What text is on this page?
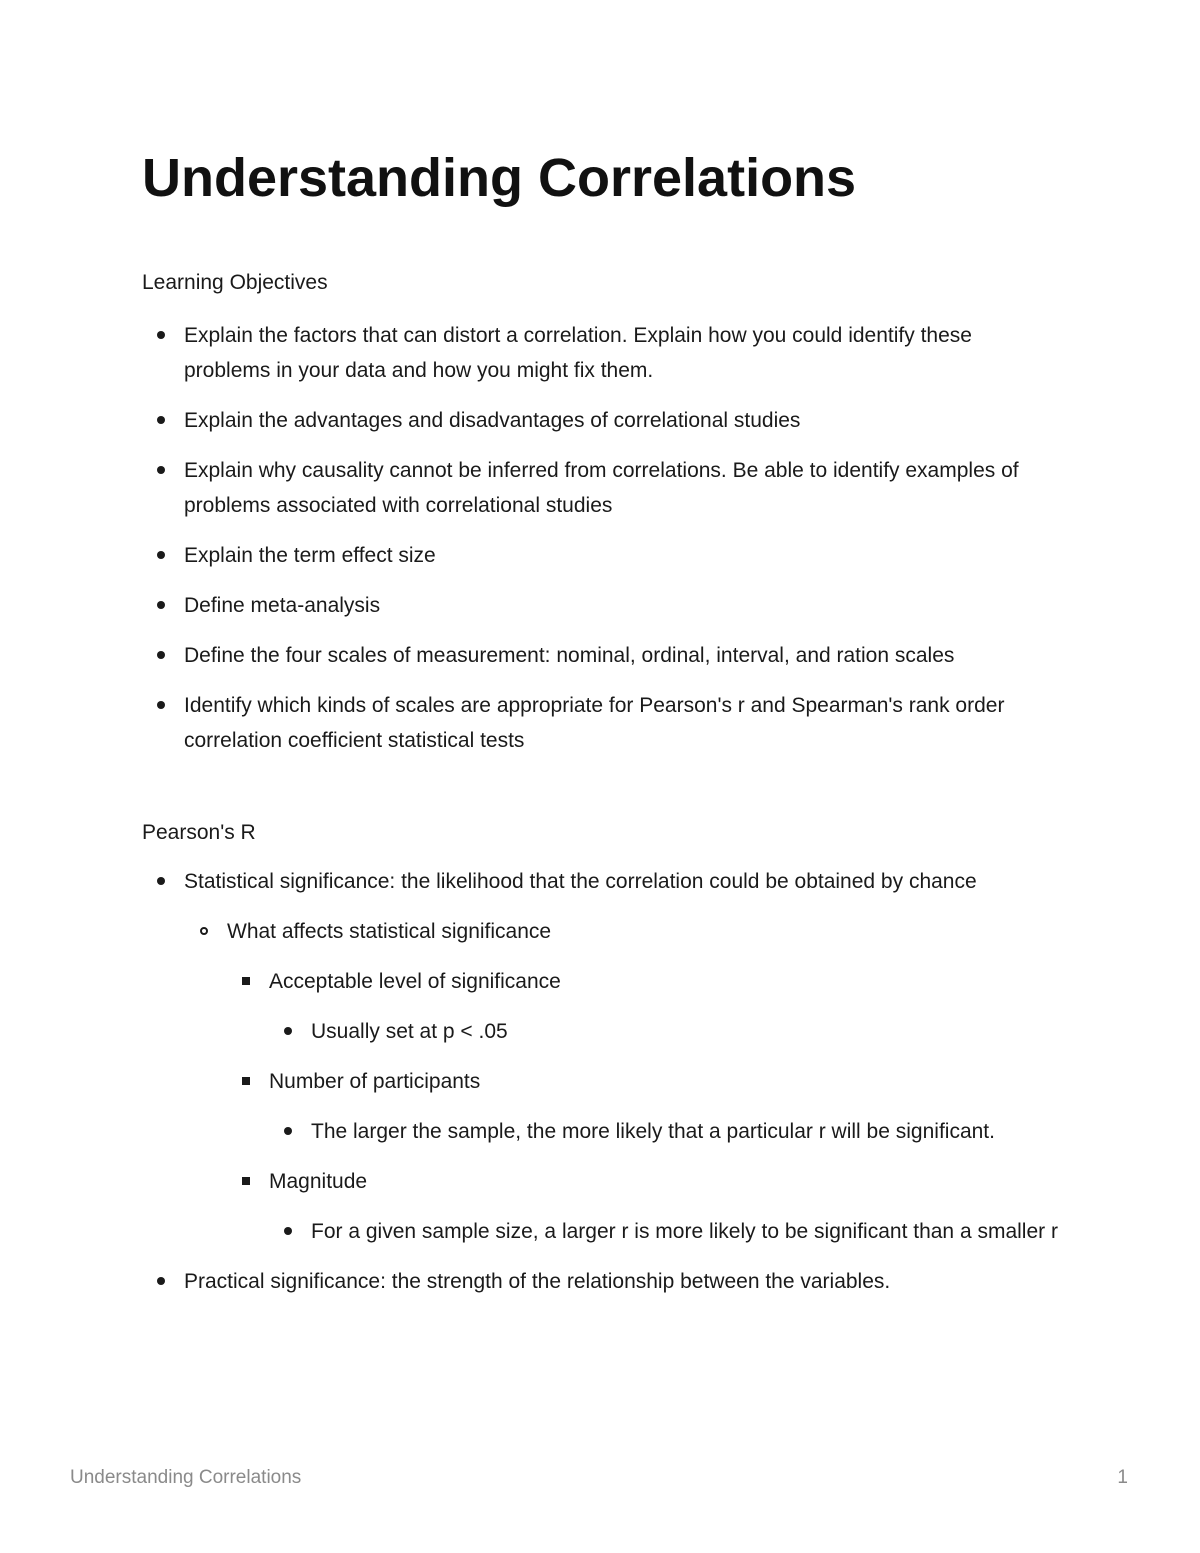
Understanding Correlations

Learning Objectives

Explain the factors that can distort a correlation. Explain how you could identify these problems in your data and how you might fix them.
Explain the advantages and disadvantages of correlational studies
Explain why causality cannot be inferred from correlations. Be able to identify examples of problems associated with correlational studies
Explain the term effect size
Define meta-analysis
Define the four scales of measurement: nominal, ordinal, interval, and ration scales
Identify which kinds of scales are appropriate for Pearson's r and Spearman's rank order correlation coefficient statistical tests

Pearson's R

Statistical significance: the likelihood that the correlation could be obtained by chance
What affects statistical significance
Acceptable level of significance
Usually set at p < .05
Number of participants
The larger the sample, the more likely that a particular r will be significant.
Magnitude
For a given sample size, a larger r is more likely to be significant than a smaller r
Practical significance: the strength of the relationship between the variables.
Understanding Correlations	1
